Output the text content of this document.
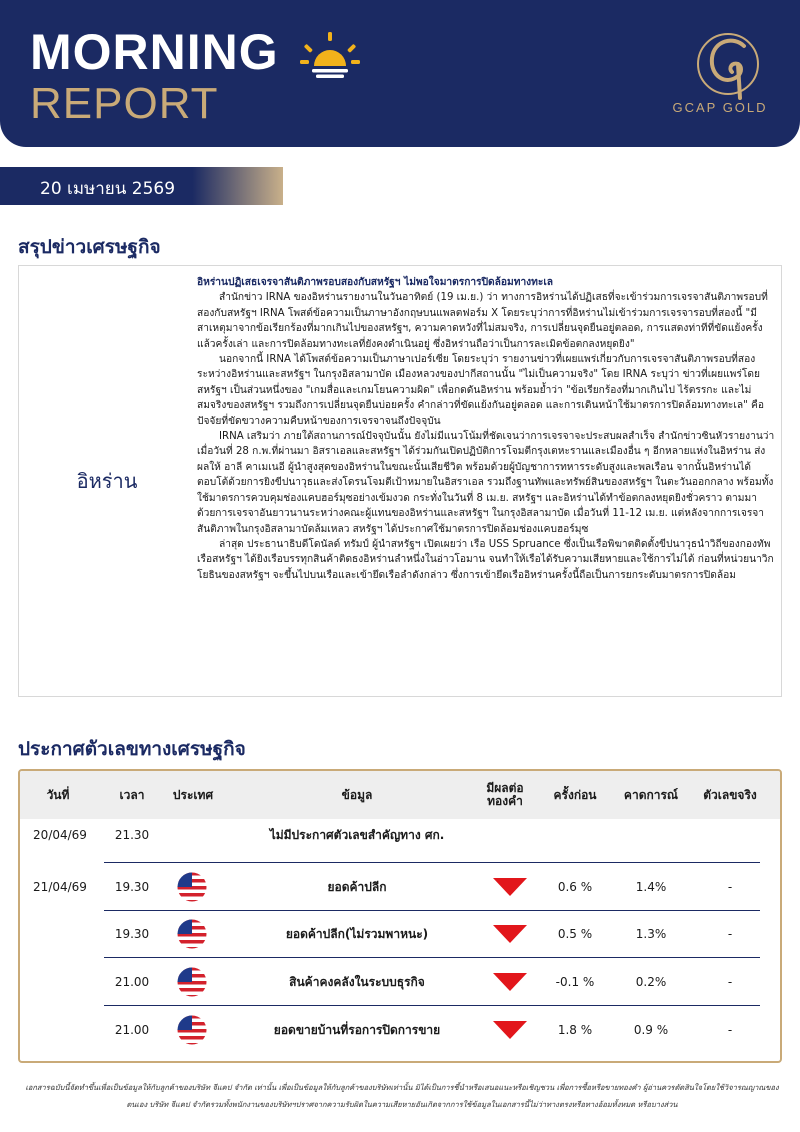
MORNING
REPORT	GCAP GOLD
20 เมษายน 2569
สรุปข่าวเศรษฐกิจ
อิหร่าน
อิหร่านปฏิเสธเจรจาสันติภาพรอบสองกับสหรัฐฯ ไม่พอใจมาตรการปิดล้อมทางทะเล

สำนักข่าว IRNA ของอิหร่านรายงานในวันอาทิตย์ (19 เม.ย.) ว่า ทางการอิหร่านได้ปฏิเสธที่จะเข้าร่วมการเจรจาสันติภาพรอบที่สองกับสหรัฐฯ IRNA โพสต์ข้อความเป็นภาษาอังกฤษบนแพลตฟอร์ม X โดยระบุว่าการที่อิหร่านไม่เข้าร่วมการเจรจารอบที่สองนี้ "มีสาเหตุมาจากข้อเรียกร้องที่มากเกินไปของสหรัฐฯ, ความคาดหวังที่ไม่สมจริง, การเปลี่ยนจุดยืนอยู่ตลอด, การแสดงท่าทีที่ขัดแย้งครั้งแล้วครั้งเล่า และการปิดล้อมทางทะเลที่ยังคงดำเนินอยู่ ซึ่งอิหร่านถือว่าเป็นการละเมิดข้อตกลงหยุดยิง"

นอกจากนี้ IRNA ได้โพสต์ข้อความเป็นภาษาเปอร์เซีย โดยระบุว่า รายงานข่าวที่เผยแพร่เกี่ยวกับการเจรจาสันติภาพรอบที่สองระหว่างอิหร่านและสหรัฐฯ ในกรุงอิสลามาบัด เมืองหลวงของปากีสถานนั้น "ไม่เป็นความจริง" โดย IRNA ระบุว่า ข่าวที่เผยแพร่โดยสหรัฐฯ เป็นส่วนหนึ่งของ "เกมสื่อและเกมโยนความผิด" เพื่อกดดันอิหร่าน พร้อมย้ำว่า "ข้อเรียกร้องที่มากเกินไป ไร้ตรรกะ และไม่สมจริงของสหรัฐฯ รวมถึงการเปลี่ยนจุดยืนบ่อยครั้ง คำกล่าวที่ขัดแย้งกันอยู่ตลอด และการเดินหน้าใช้มาตรการปิดล้อมทางทะเล" คือปัจจัยที่ขัดขวางความคืบหน้าของการเจรจาจนถึงปัจจุบัน

IRNA เสริมว่า ภายใต้สถานการณ์ปัจจุบันนั้น ยังไม่มีแนวโน้มที่ชัดเจนว่าการเจรจาจะประสบผลสำเร็จ สำนักข่าวซินหัวรายงานว่า เมื่อวันที่ 28 ก.พ.ที่ผ่านมา อิสราเอลและสหรัฐฯ ได้ร่วมกันเปิดปฏิบัติการโจมตีกรุงเตหะรานและเมืองอื่น ๆ อีกหลายแห่งในอิหร่าน ส่งผลให้ อาลี คาเมเนอี ผู้นำสูงสุดของอิหร่านในขณะนั้นเสียชีวิต พร้อมด้วยผู้บัญชาการทหารระดับสูงและพลเรือน จากนั้นอิหร่านได้ตอบโต้ด้วยการยิงขีปนาวุธและส่งโดรนโจมตีเป้าหมายในอิสราเอล รวมถึงฐานทัพและทรัพย์สินของสหรัฐฯ ในตะวันออกกลาง พร้อมทั้งใช้มาตรการควบคุมช่องแคบฮอร์มุซอย่างเข้มงวด กระทั่งในวันที่ 8 เม.ย. สหรัฐฯ และอิหร่านได้ทำข้อตกลงหยุดยิงชั่วคราว ตามมาด้วยการเจรจาอันยาวนานระหว่างคณะผู้แทนของอิหร่านและสหรัฐฯ ในกรุงอิสลามาบัด เมื่อวันที่ 11-12 เม.ย. แต่หลังจากการเจรจาสันติภาพในกรุงอิสลามาบัดล้มเหลว สหรัฐฯ ได้ประกาศใช้มาตรการปิดล้อมช่องแคบฮอร์มุซ

ล่าสุด ประธานาธิบดีโดนัลด์ ทรัมป์ ผู้นำสหรัฐฯ เปิดเผยว่า เรือ USS Spruance ซึ่งเป็นเรือพิฆาตติดตั้งขีปนาวุธนำวิถีของกองทัพเรือสหรัฐฯ ได้ยิงเรือบรรทุกสินค้าติดธงอิหร่านลำหนึ่งในอ่าวโอมาน จนทำให้เรือได้รับความเสียหายและใช้การไม่ได้ ก่อนที่หน่วยนาวิกโยธินของสหรัฐฯ จะขึ้นไปบนเรือและเข้ายึดเรือลำดังกล่าว ซึ่งการเข้ายึดเรืออิหร่านครั้งนี้ถือเป็นการยกระดับมาตรการปิดล้อม

ประกาศตัวเลขทางเศรษฐกิจ
วันที่	เวลา	ประเทศ	ข้อมูล	มีผลต่อ
ทองคำ	ครั้งก่อน	คาดการณ์	ตัวเลขจริง
20/04/69	21.30	ไม่มีประกาศตัวเลขสำคัญทาง ศก.
21/04/69	19.30	ยอดค้าปลีก	0.6 %	1.4%	-
19.30	ยอดค้าปลีก(ไม่รวมพาหนะ)	0.5 %	1.3%	-
21.00	สินค้าคงคลังในระบบธุรกิจ	-0.1 %	0.2%	-
21.00	ยอดขายบ้านที่รอการปิดการขาย	1.8 %	0.9 %	-
เอกสารฉบับนี้จัดทำขึ้นเพื่อเป็นข้อมูลให้กับลูกค้าของบริษัท จีแคป จำกัด เท่านั้น เพื่อเป็นข้อมูลให้กับลูกค้าของบริษัทเท่านั้น มิได้เป็นการชี้นำหรือเสนอแนะหรือเชิญชวน เพื่อการซื้อหรือขายทองคำ ผู้อ่านควรตัดสินใจโดยใช้วิจารณญาณของตนเอง บริษัท จีแคป จำกัดรวมทั้งพนักงานของบริษัทฯปราศจากความรับผิดในความเสียหายอันเกิดจากการใช้ข้อมูลในเอกสารนี้ไม่ว่าทางตรงหรือทางอ้อมทั้งหมด หรือบางส่วน
